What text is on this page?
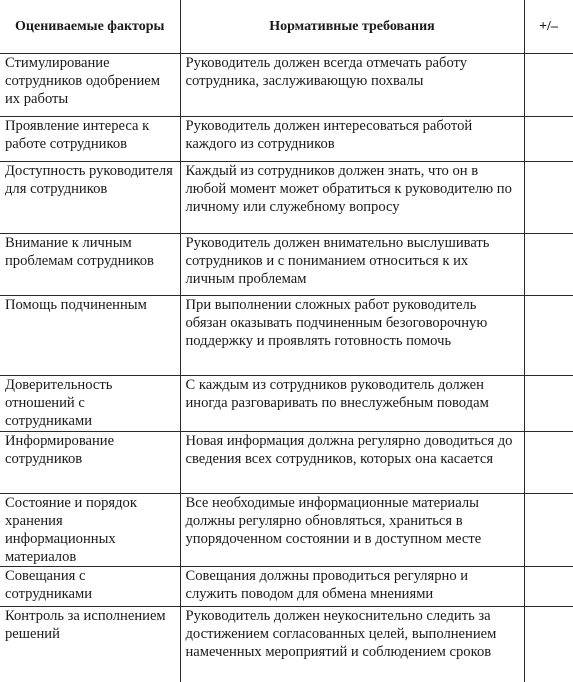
Оцениваемые факторы	Нормативные требования	+/–
Стимулирование сотрудников одобрением их работы	Руководитель должен всегда отмечать работу сотрудника, заслуживающую похвалы	
Проявление интереса к работе сотрудников	Руководитель должен интересоваться работой каждого из сотрудников	
Доступность руководителя для сотрудников	Каждый из сотрудников должен знать, что он в любой момент может обратиться к руководителю по личному или служебному вопросу	
Внимание к личным проблемам сотрудников	Руководитель должен внимательно выслушивать сотрудников и с пониманием относиться к их личным проблемам	
Помощь подчиненным	При выполнении сложных работ руководитель обязан оказывать подчиненным безоговорочную поддержку и проявлять готовность помочь	
Доверительность отношений с сотрудниками	С каждым из сотрудников руководитель должен иногда разговаривать по внеслужебным поводам	
Информирование сотрудников	Новая информация должна регулярно доводиться до сведения всех сотрудников, которых она касается	
Состояние и порядок хранения информационных материалов	Все необходимые информационные материалы должны регулярно обновляться, храниться в упорядоченном состоянии и в доступном месте	
Совещания с сотрудниками	Совещания должны проводиться регулярно и служить поводом для обмена мнениями	
Контроль за исполнением решений	Руководитель должен неукоснительно следить за достижением согласованных целей, выполнением намеченных мероприятий и соблюдением сроков	
